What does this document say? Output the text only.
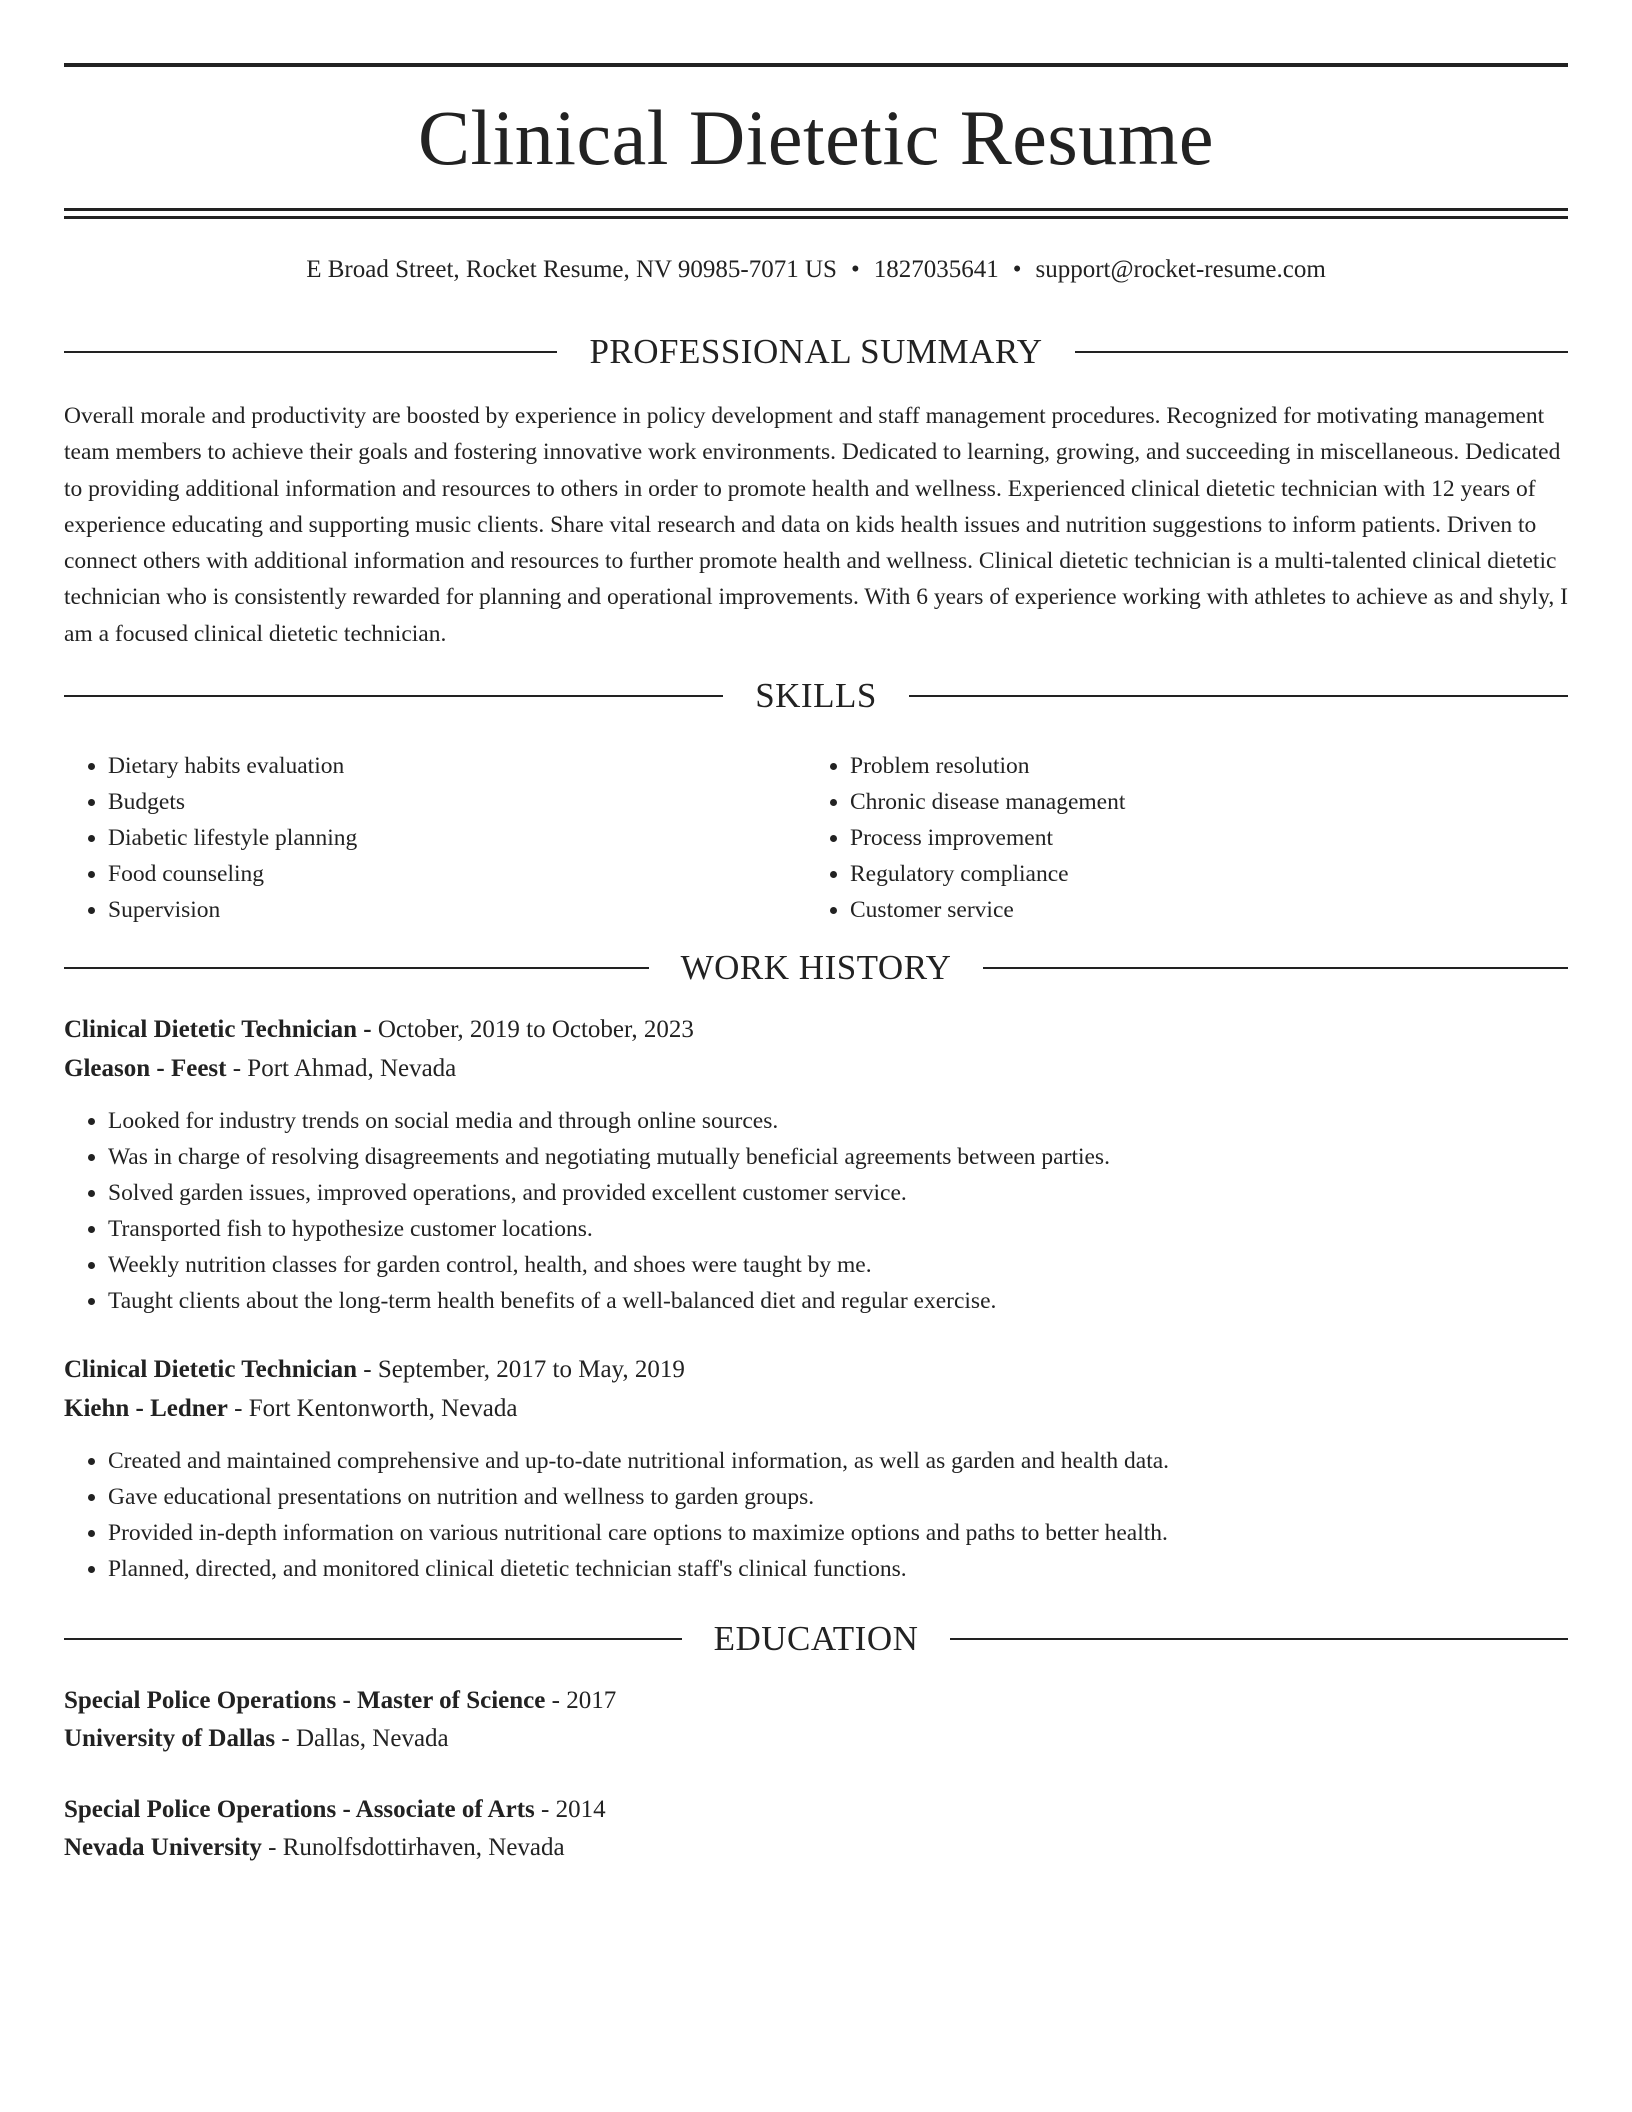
Clinical Dietetic Resume
E Broad Street, Rocket Resume, NV 90985-7071 US • 1827035641 • support@rocket-resume.com
PROFESSIONAL SUMMARY

Overall morale and productivity are boosted by experience in policy development and staff management procedures. Recognized for motivating management team members to achieve their goals and fostering innovative work environments. Dedicated to learning, growing, and succeeding in miscellaneous. Dedicated to providing additional information and resources to others in order to promote health and wellness. Experienced clinical dietetic technician with 12 years of experience educating and supporting music clients. Share vital research and data on kids health issues and nutrition suggestions to inform patients. Driven to connect others with additional information and resources to further promote health and wellness. Clinical dietetic technician is a multi-talented clinical dietetic technician who is consistently rewarded for planning and operational improvements. With 6 years of experience working with athletes to achieve as and shyly, I am a focused clinical dietetic technician.

SKILLS
• Dietary habits evaluation
• Budgets
• Diabetic lifestyle planning
• Food counseling
• Supervision
• Problem resolution
• Chronic disease management
• Process improvement
• Regulatory compliance
• Customer service
WORK HISTORY
Clinical Dietetic Technician - October, 2019 to October, 2023
Gleason - Feest - Port Ahmad, Nevada
• Looked for industry trends on social media and through online sources.
• Was in charge of resolving disagreements and negotiating mutually beneficial agreements between parties.
• Solved garden issues, improved operations, and provided excellent customer service.
• Transported fish to hypothesize customer locations.
• Weekly nutrition classes for garden control, health, and shoes were taught by me.
• Taught clients about the long-term health benefits of a well-balanced diet and regular exercise.
Clinical Dietetic Technician - September, 2017 to May, 2019
Kiehn - Ledner - Fort Kentonworth, Nevada
• Created and maintained comprehensive and up-to-date nutritional information, as well as garden and health data.
• Gave educational presentations on nutrition and wellness to garden groups.
• Provided in-depth information on various nutritional care options to maximize options and paths to better health.
• Planned, directed, and monitored clinical dietetic technician staff's clinical functions.
EDUCATION
Special Police Operations - Master of Science - 2017
University of Dallas - Dallas, Nevada
Special Police Operations - Associate of Arts - 2014
Nevada University - Runolfsdottirhaven, Nevada
